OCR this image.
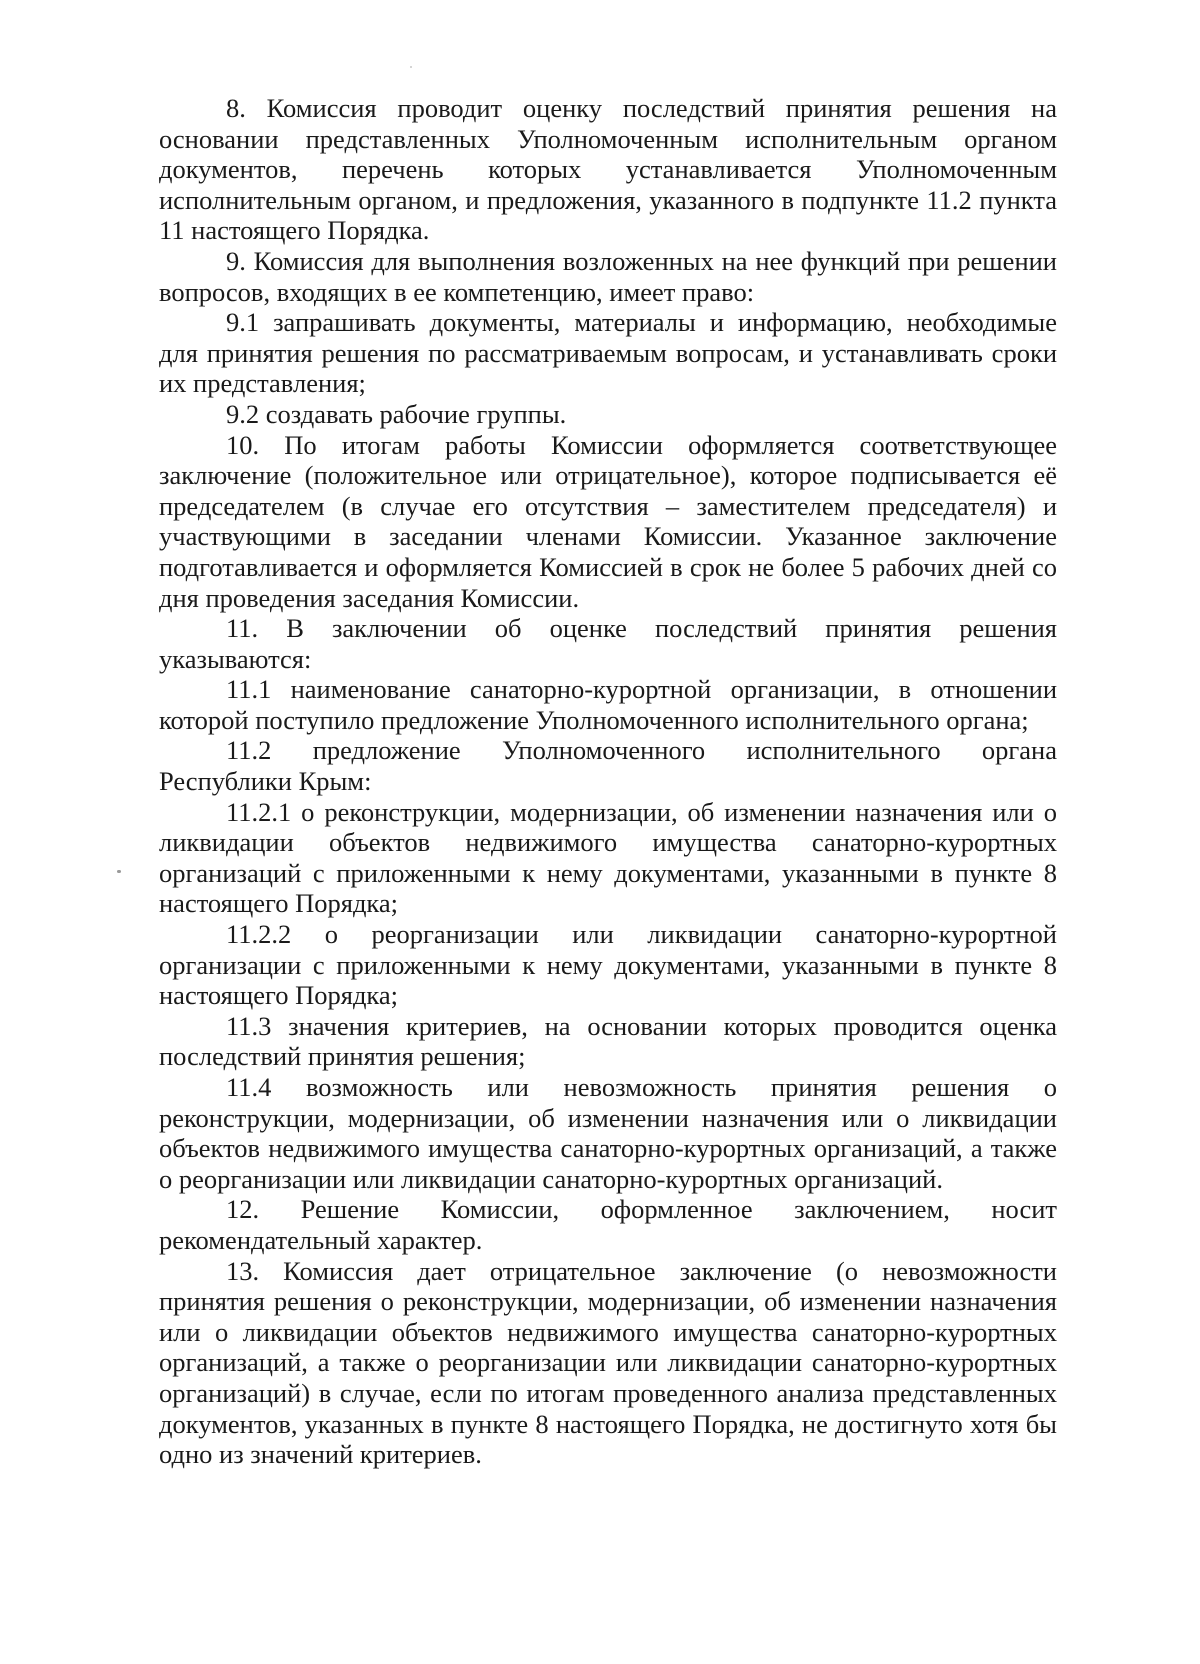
8. Комиссия проводит оценку последствий принятия решения на основании представленных Уполномоченным исполнительным органом документов, перечень которых устанавливается Уполномоченным исполнительным органом, и предложения, указанного в подпункте 11.2 пункта 11 настоящего Порядка.

9. Комиссия для выполнения возложенных на нее функций при решении вопросов, входящих в ее компетенцию, имеет право:

9.1 запрашивать документы, материалы и информацию, необходимые для принятия решения по рассматриваемым вопросам, и устанавливать сроки их представления;

9.2 создавать рабочие группы.

10. По итогам работы Комиссии оформляется соответствующее заключение (положительное или отрицательное), которое подписывается её председателем (в случае его отсутствия – заместителем председателя) и участвующими в заседании членами Комиссии. Указанное заключение подготавливается и оформляется Комиссией в срок не более 5 рабочих дней со дня проведения заседания Комиссии.

11. В заключении об оценке последствий принятия решения указываются:

11.1 наименование санаторно-курортной организации, в отношении которой поступило предложение Уполномоченного исполнительного органа;

11.2 предложение Уполномоченного исполнительного органа Республики Крым:

11.2.1 о реконструкции, модернизации, об изменении назначения или о ликвидации объектов недвижимого имущества санаторно-курортных организаций с приложенными к нему документами, указанными в пункте 8 настоящего Порядка;

11.2.2 о реорганизации или ликвидации санаторно-курортной организации с приложенными к нему документами, указанными в пункте 8 настоящего Порядка;

11.3 значения критериев, на основании которых проводится оценка последствий принятия решения;

11.4 возможность или невозможность принятия решения о реконструкции, модернизации, об изменении назначения или о ликвидации объектов недвижимого имущества санаторно-курортных организаций, а также о реорганизации или ликвидации санаторно-курортных организаций.

12. Решение Комиссии, оформленное заключением, носит рекомендательный характер.

13. Комиссия дает отрицательное заключение (о невозможности принятия решения о реконструкции, модернизации, об изменении назначения или о ликвидации объектов недвижимого имущества санаторно-курортных организаций, а также о реорганизации или ликвидации санаторно-курортных организаций) в случае, если по итогам проведенного анализа представленных документов, указанных в пункте 8 настоящего Порядка, не достигнуто хотя бы одно из значений критериев.
